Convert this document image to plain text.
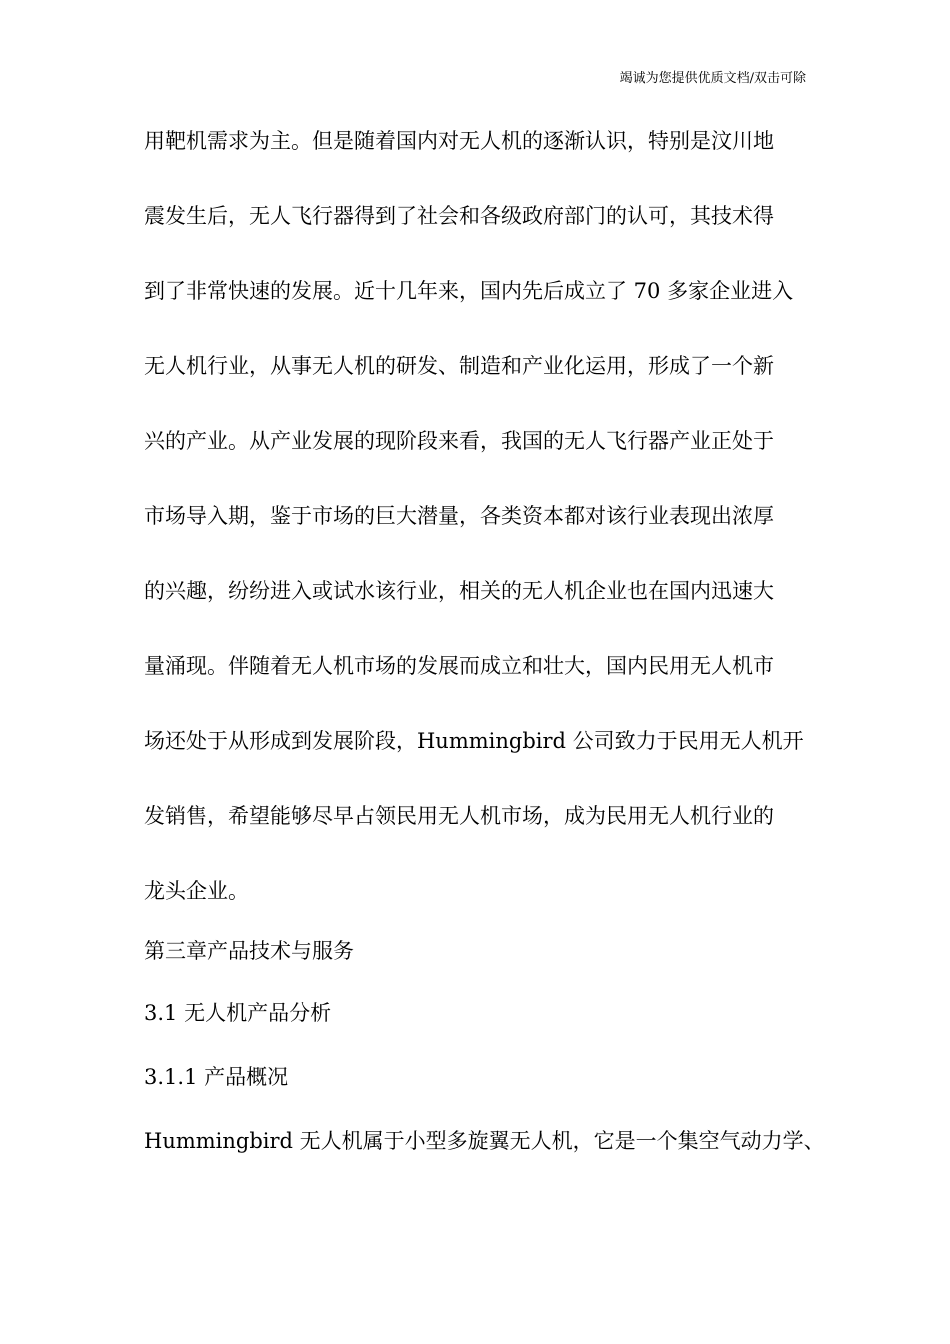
竭诚为您提供优质文档/双击可除
用靶机需求为主。但是随着国内对无人机的逐渐认识，特别是汶川地
震发生后，无人飞行器得到了社会和各级政府部门的认可，其技术得
到了非常快速的发展。近十几年来，国内先后成立了 70 多家企业进入
无人机行业，从事无人机的研发、制造和产业化运用，形成了一个新
兴的产业。从产业发展的现阶段来看，我国的无人飞行器产业正处于
市场导入期，鉴于市场的巨大潜量，各类资本都对该行业表现出浓厚
的兴趣，纷纷进入或试水该行业，相关的无人机企业也在国内迅速大
量涌现。伴随着无人机市场的发展而成立和壮大，国内民用无人机市
场还处于从形成到发展阶段，Hummingbird 公司致力于民用无人机开
发销售，希望能够尽早占领民用无人机市场，成为民用无人机行业的
龙头企业。
第三章产品技术与服务
3.1 无人机产品分析
3.1.1 产品概况

Hummingbird 无人机属于小型多旋翼无人机，它是一个集空气动力学、
